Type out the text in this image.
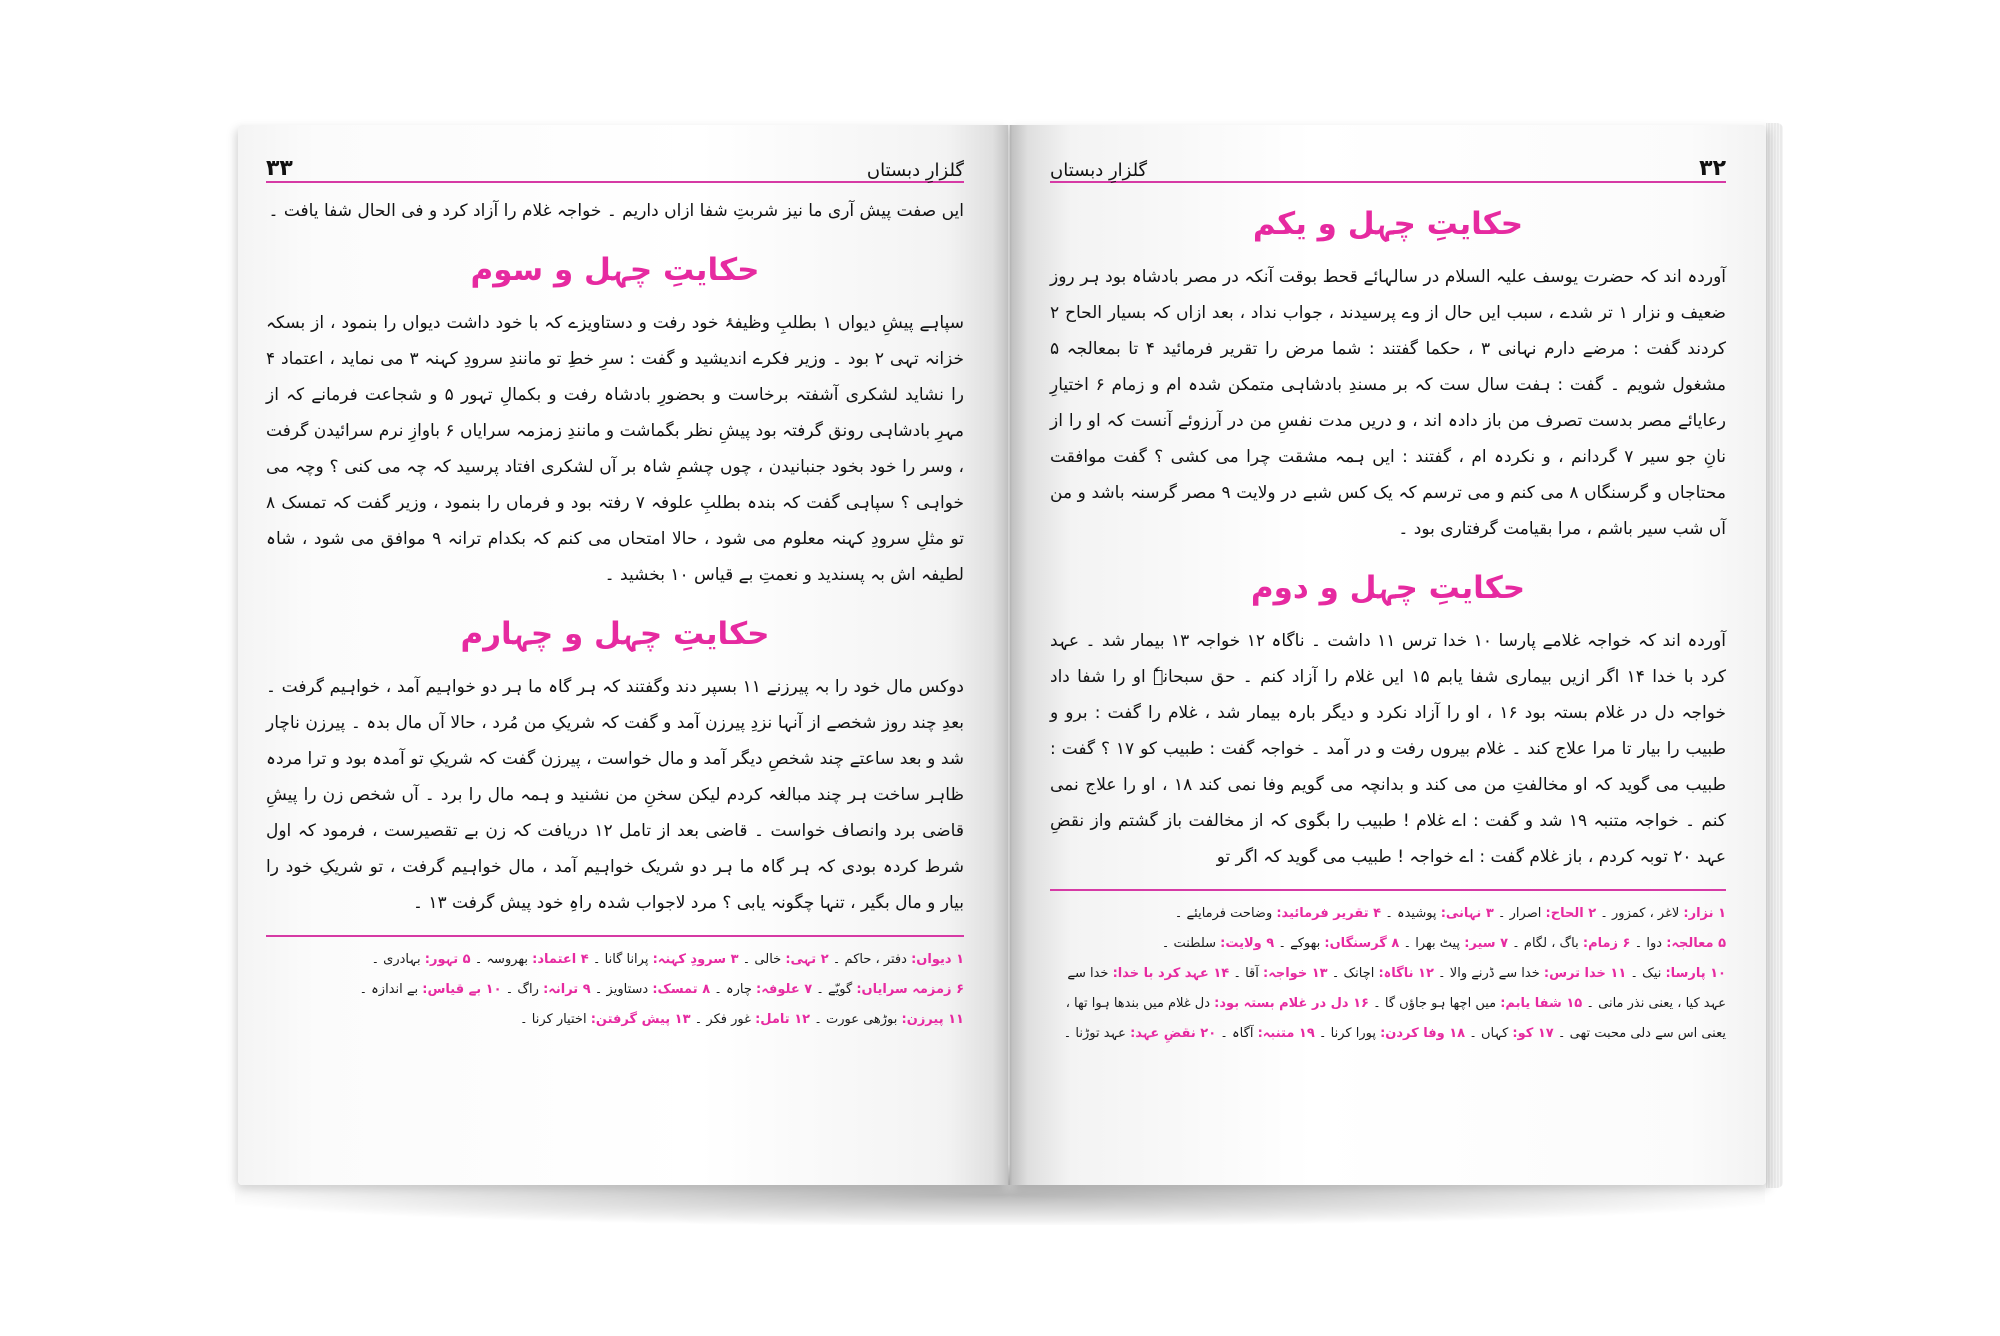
۳۳	گلزارِ دبستاں

ایں صفت پیش آری ما نیز شربتِ شفا ازاں داریم ۔ خواجہ غلام را آزاد کرد و فی الحال شفا یافت ۔

حکایتِ چہل و سوم

سپاہے پیشِ دیواں ۱ بطلبِ وظیفۂ خود رفت و دستاویزے کہ با خود داشت دیواں را بنمود ، از بسکہ خزانہ تہی ۲ بود ۔ وزیر فکرے اندیشید و گفت : سرِ خطِ تو مانندِ سرودِ کہنہ ۳ می نماید ، اعتماد ۴ را نشاید لشکری آشفتہ برخاست و بحضورِ بادشاہ رفت و بکمالِ تہور ۵ و شجاعت فرمانے کہ از مہرِ بادشاہی رونق گرفتہ بود پیشِ نظر بگماشت و مانندِ زمزمہ سرایاں ۶ باوازِ نرم سرائیدن گرفت ، وسر را خود بخود جنبانیدن ، چوں چشمِ شاہ بر آں لشکری افتاد پرسید کہ چہ می کنی ؟ وچہ می خواہی ؟ سپاہی گفت کہ بندہ بطلبِ علوفہ ۷ رفتہ بود و فرماں را بنمود ، وزیر گفت کہ تمسک ۸ تو مثلِ سرودِ کہنہ معلوم می شود ، حالا امتحاں می کنم کہ بکدام ترانہ ۹ موافق می شود ، شاہ لطیفہ اش بہ پسندید و نعمتِ بے قیاس ۱۰ بخشید ۔

حکایتِ چہل و چہارم

دوکس مال خود را بہ پیرزنے ۱۱ بسپر دند وگفتند کہ ہر گاہ ما ہر دو خواہیم آمد ، خواہیم گرفت ۔ بعدِ چند روز شخصے از آنہا نزدِ پیرزن آمد و گفت کہ شریکِ من مُرد ، حالا آں مال بدہ ۔ پیرزن ناچار شد و بعد ساعتے چند شخصِ دیگر آمد و مال خواست ، پیرزن گفت کہ شریکِ تو آمدہ بود و ترا مردہ ظاہر ساخت ہر چند مبالغہ کردم لیکن سخنِ من نشنید و ہمہ مال را برد ۔ آں شخص زن را پیشِ قاضی برد وانصاف خواست ۔ قاضی بعد از تامل ۱۲ دریافت کہ زن بے تقصیرست ، فرمود کہ اول شرط کردہ بودی کہ ہر گاہ ما ہر دو شریک خواہیم آمد ، مال خواہیم گرفت ، تو شریکِ خود را بیار و مال بگیر ، تنہا چگونہ یابی ؟ مرد لاجواب شدہ راہِ خود پیش گرفت ۱۳ ۔

۱ دیواں: دفتر ، حاکم ۔ ۲ تہی: خالی ۔ ۳ سرودِ کہنہ: پرانا گانا ۔ ۴ اعتماد: بھروسہ ۔ ۵ تہور: بہادری ۔
۶ زمزمہ سرایاں: گویّے ۔ ۷ علوفہ: چارہ ۔ ۸ تمسک: دستاویز ۔ ۹ ترانہ: راگ ۔ ۱۰ بے قیاس: بے اندازہ ۔
۱۱ پیرزن: بوڑھی عورت ۔ ۱۲ تامل: غور فکر ۔ ۱۳ پیش گرفتن: اختیار کرنا ۔

گلزارِ دبستاں	۳۲
حکایتِ چہل و یکم

آوردہ اند کہ حضرت یوسف علیہ السلام در سالہائے قحط بوقت آنکہ در مصر بادشاہ بود ہر روز ضعیف و نزار ۱ تر شدے ، سبب ایں حال از وے پرسیدند ، جواب نداد ، بعد ازاں کہ بسیار الحاح ۲ کردند گفت : مرضے دارم نہانی ۳ ، حکما گفتند : شما مرض را تقریر فرمائید ۴ تا بمعالجہ ۵ مشغول شویم ۔ گفت : ہفت سال ست کہ بر مسندِ بادشاہی متمکن شدہ ام و زمام ۶ اختیارِ رعایائے مصر بدست تصرف من باز دادہ اند ، و دریں مدت نفسِ من در آرزوئے آنست کہ او را از نانِ جو سیر ۷ گردانم ، و نکردہ ام ، گفتند : ایں ہمہ مشقت چرا می کشی ؟ گفت موافقت محتاجاں و گرسنگاں ۸ می کنم و می ترسم کہ یک کس شبے در ولایت ۹ مصر گرسنہ باشد و من آں شب سیر باشم ، مرا بقیامت گرفتاری بود ۔

حکایتِ چہل و دوم

آوردہ اند کہ خواجہ غلامے پارسا ۱۰ خدا ترس ۱۱ داشت ۔ ناگاہ ۱۲ خواجہ ۱۳ بیمار شد ۔ عہد کرد با خدا ۱۴ اگر ازیں بیماری شفا یابم ۱۵ ایں غلام را آزاد کنم ۔ حق سبحانہٗ او را شفا داد خواجہ دل در غلام بستہ بود ۱۶ ، او را آزاد نکرد و دیگر بارہ بیمار شد ، غلام را گفت : برو و طبیب را بیار تا مرا علاج کند ۔ غلام بیروں رفت و در آمد ۔ خواجہ گفت : طبیب کو ۱۷ ؟ گفت : طبیب می گوید کہ او مخالفتِ من می کند و بدانچہ می گویم وفا نمی کند ۱۸ ، او را علاج نمی کنم ۔ خواجہ متنبہ ۱۹ شد و گفت : اے غلام ! طبیب را بگوی کہ از مخالفت باز گشتم واز نقضِ عہد ۲۰ توبہ کردم ، باز غلام گفت : اے خواجہ ! طبیب می گوید کہ اگر تو

۱ نزار: لاغر ، کمزور ۔ ۲ الحاح: اصرار ۔ ۳ نہانی: پوشیدہ ۔ ۴ تقریر فرمائید: وضاحت فرمایئے ۔
۵ معالجہ: دوا ۔ ۶ زمام: باگ ، لگام ۔ ۷ سیر: پیٹ بھرا ۔ ۸ گرسنگاں: بھوکے ۔ ۹ ولایت: سلطنت ۔
۱۰ پارسا: نیک ۔ ۱۱ خدا ترس: خدا سے ڈرنے والا ۔ ۱۲ ناگاہ: اچانک ۔ ۱۳ خواجہ: آقا ۔ ۱۴ عہد کرد با خدا: خدا سے عہد کیا ، یعنی نذر مانی ۔ ۱۵ شفا یابم: میں اچھا ہو جاؤں گا ۔ ۱۶ دل در غلام بستہ بود: دل غلام میں بندھا ہوا تھا ، یعنی اس سے دلی محبت تھی ۔ ۱۷ کو: کہاں ۔ ۱۸ وفا کردن: پورا کرنا ۔ ۱۹ متنبہ: آگاہ ۔ ۲۰ نقضِ عہد: عہد توڑنا ۔
